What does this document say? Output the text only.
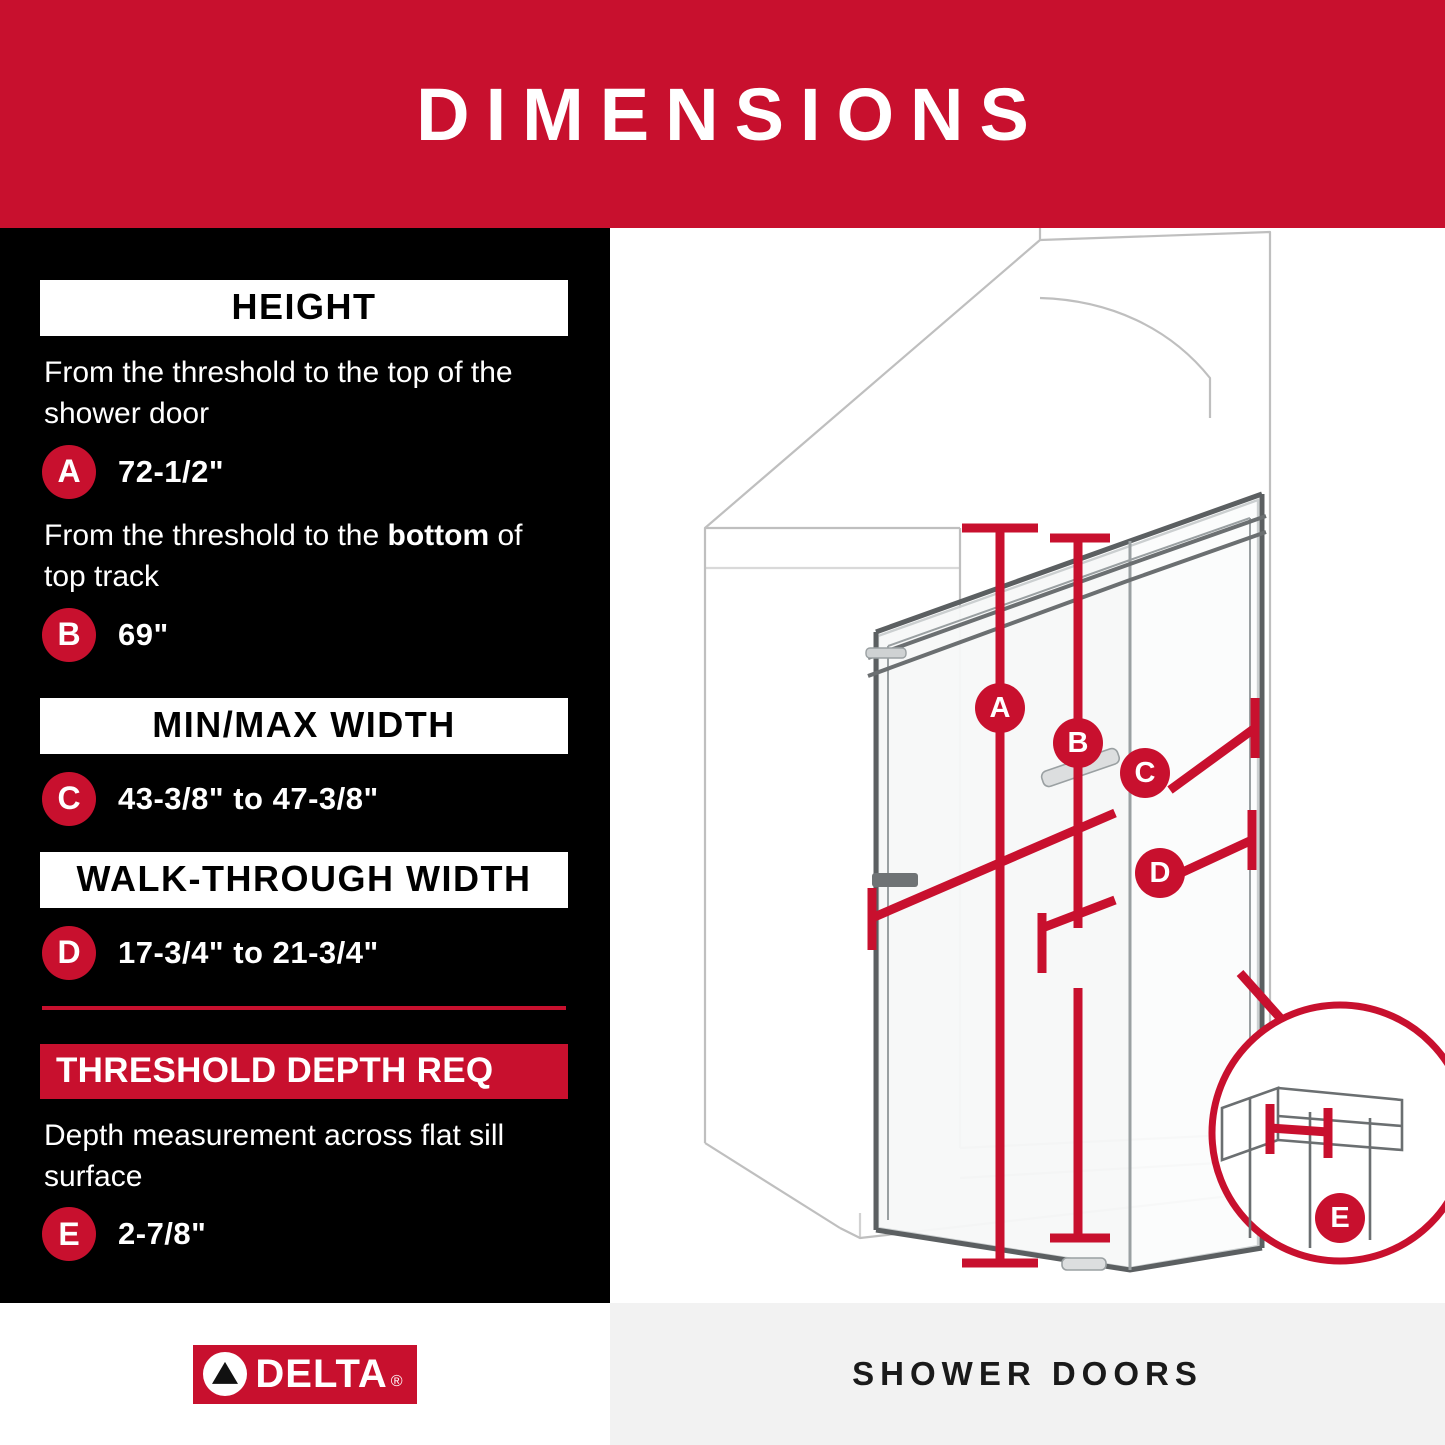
DIMENSIONS
HEIGHT
From the threshold to the top of the shower door
A	72-1/2"
From the threshold to the bottom of top track
B	69"
MIN/MAX WIDTH
C	43-3/8" to 47-3/8"
WALK-THROUGH WIDTH
D	17-3/4" to 21-3/4"
THRESHOLD DEPTH REQ
Depth measurement across flat sill surface
E	2-7/8"
A
B
C
D
E
DELTA ®	SHOWER DOORS
